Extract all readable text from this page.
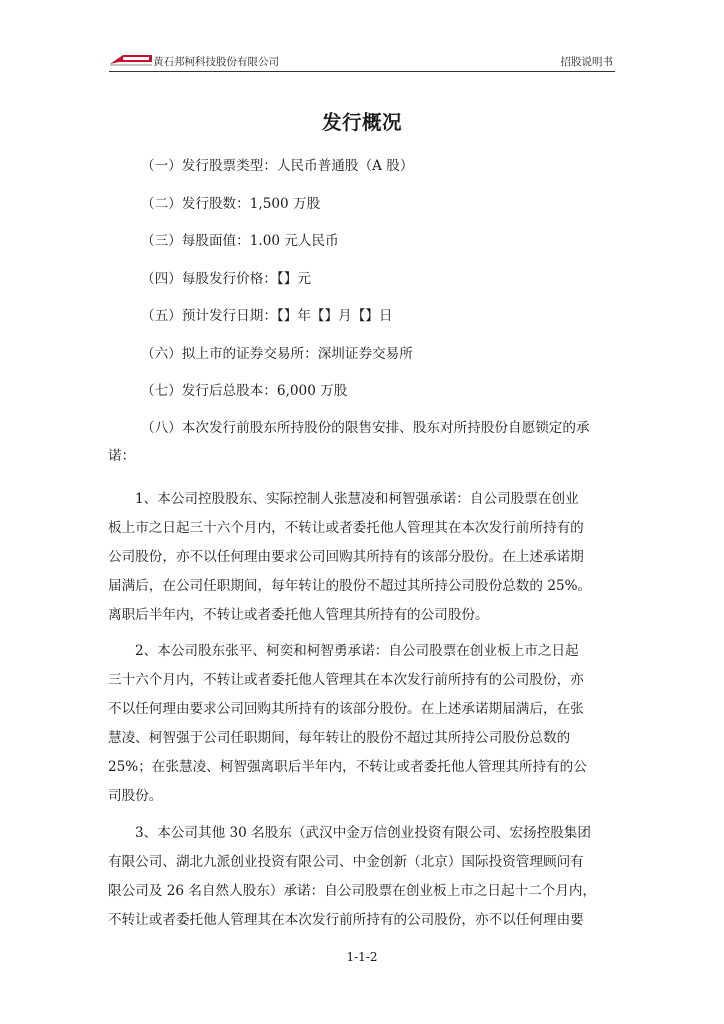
黄石邦柯科技股份有限公司	招股说明书
发行概况
（一）发行股票类型：人民币普通股（A 股）
（二）发行股数：1,500 万股
（三）每股面值：1.00 元人民币
（四）每股发行价格：【】元
（五）预计发行日期：【】年【】月【】日
（六）拟上市的证券交易所：深圳证券交易所
（七）发行后总股本：6,000 万股
（八）本次发行前股东所持股份的限售安排、股东对所持股份自愿锁定的承
诺：
1、本公司控股股东、实际控制人张慧凌和柯智强承诺：自公司股票在创业
板上市之日起三十六个月内，不转让或者委托他人管理其在本次发行前所持有的
公司股份，亦不以任何理由要求公司回购其所持有的该部分股份。在上述承诺期
届满后，在公司任职期间，每年转让的股份不超过其所持公司股份总数的 25%。
离职后半年内，不转让或者委托他人管理其所持有的公司股份。
2、本公司股东张平、柯奕和柯智勇承诺：自公司股票在创业板上市之日起
三十六个月内，不转让或者委托他人管理其在本次发行前所持有的公司股份，亦
不以任何理由要求公司回购其所持有的该部分股份。在上述承诺期届满后，在张
慧凌、柯智强于公司任职期间，每年转让的股份不超过其所持公司股份总数的
25%；在张慧凌、柯智强离职后半年内，不转让或者委托他人管理其所持有的公
司股份。
3、本公司其他 30 名股东（武汉中金万信创业投资有限公司、宏扬控股集团
有限公司、湖北九派创业投资有限公司、中金创新（北京）国际投资管理顾问有
限公司及 26 名自然人股东）承诺：自公司股票在创业板上市之日起十二个月内，
不转让或者委托他人管理其在本次发行前所持有的公司股份，亦不以任何理由要
1-1-2
